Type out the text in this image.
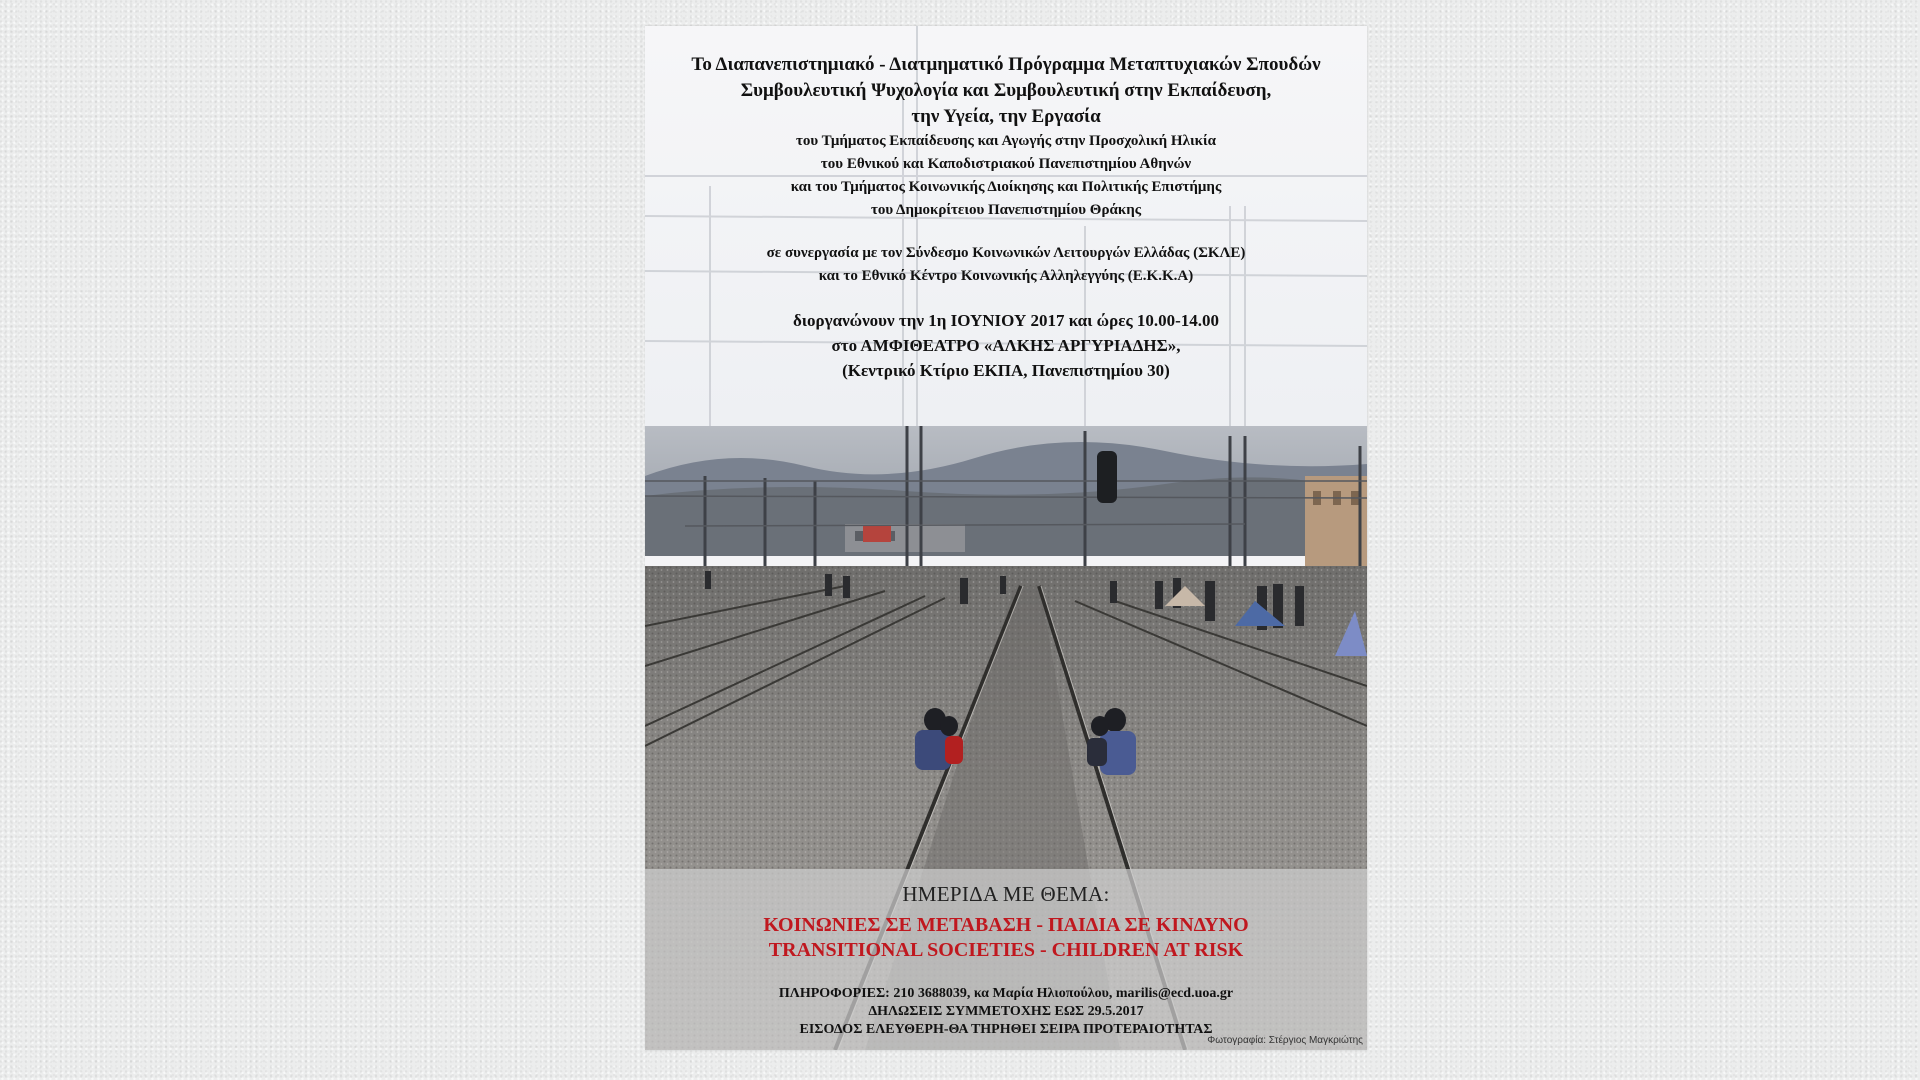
Το Διαπανεπιστημιακό - Διατμηματικό Πρόγραμμα Μεταπτυχιακών Σπουδών

Συμβουλευτική Ψυχολογία και Συμβουλευτική στην Εκπαίδευση,

την Υγεία, την Εργασία

του Τμήματος Εκπαίδευσης και Αγωγής στην Προσχολική Ηλικία

του Εθνικού και Καποδιστριακού Πανεπιστημίου Αθηνών

και του Τμήματος Κοινωνικής Διοίκησης και Πολιτικής Επιστήμης

του Δημοκρίτειου Πανεπιστημίου Θράκης

σε συνεργασία με τον Σύνδεσμο Κοινωνικών Λειτουργών Ελλάδας (ΣΚΛΕ)

και το Εθνικό Κέντρο Κοινωνικής Αλληλεγγύης (Ε.Κ.Κ.Α)

διοργανώνουν την 1η ΙΟΥΝΙΟΥ 2017 και ώρες 10.00-14.00

στο ΑΜΦΙΘΕΑΤΡΟ «ΑΛΚΗΣ ΑΡΓΥΡΙΑΔΗΣ»,

(Κεντρικό Κτίριο ΕΚΠΑ, Πανεπιστημίου 30)

ΗΜΕΡΙΔΑ ΜΕ ΘΕΜΑ:

ΚΟΙΝΩΝΙΕΣ ΣΕ ΜΕΤΑΒΑΣΗ - ΠΑΙΔΙΑ ΣΕ ΚΙΝΔΥΝΟ

TRANSITIONAL SOCIETIES - CHILDREN AT RISK

ΠΛΗΡΟΦΟΡΙΕΣ: 210 3688039, κα Μαρία Ηλιοπούλου, marilis@ecd.uoa.gr

ΔΗΛΩΣΕΙΣ ΣΥΜΜΕΤΟΧΗΣ ΕΩΣ 29.5.2017

ΕΙΣΟΔΟΣ ΕΛΕΥΘΕΡΗ-ΘΑ ΤΗΡΗΘΕΙ ΣΕΙΡΑ ΠΡΟΤΕΡΑΙΟΤΗΤΑΣ

Φωτογραφία: Στέργιος Μαγκριώτης
